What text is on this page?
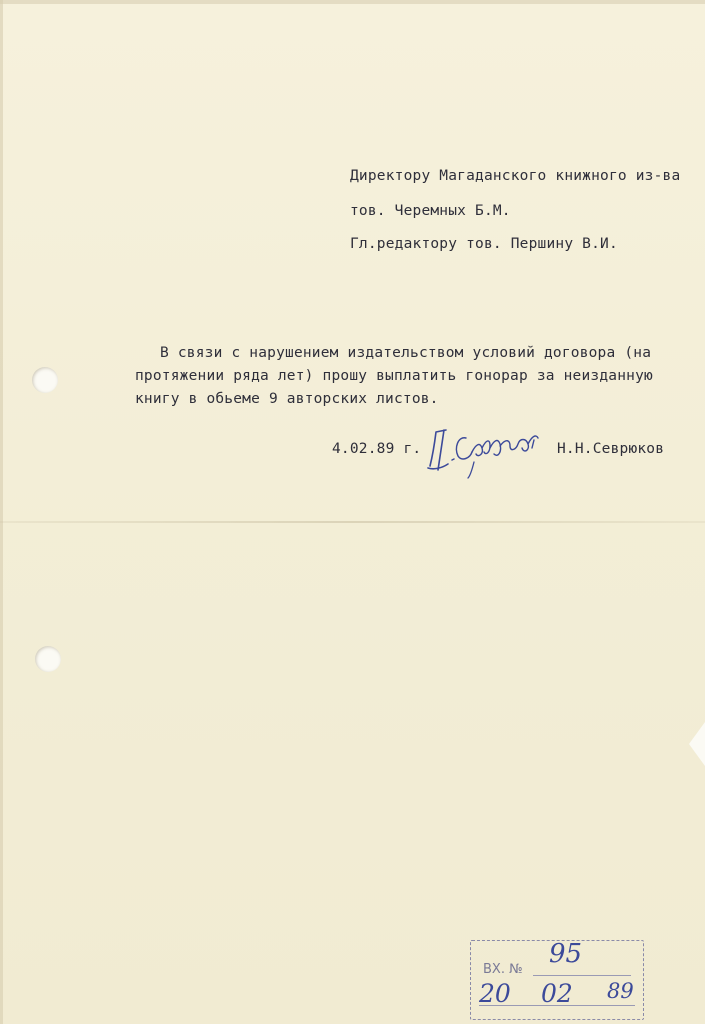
Директору Магаданского книжного из-ва
тов. Черемных Б.М.
Гл.редактору тов. Першину В.И.
В связи с нарушением издательством условий договора (на
протяжении ряда лет) прошу выплатить гонорар за неизданную
книгу в обьеме 9 авторских листов.
4.02.89 г.	Н.Н.Севрюков
ВХ. №
95
20 02 89
